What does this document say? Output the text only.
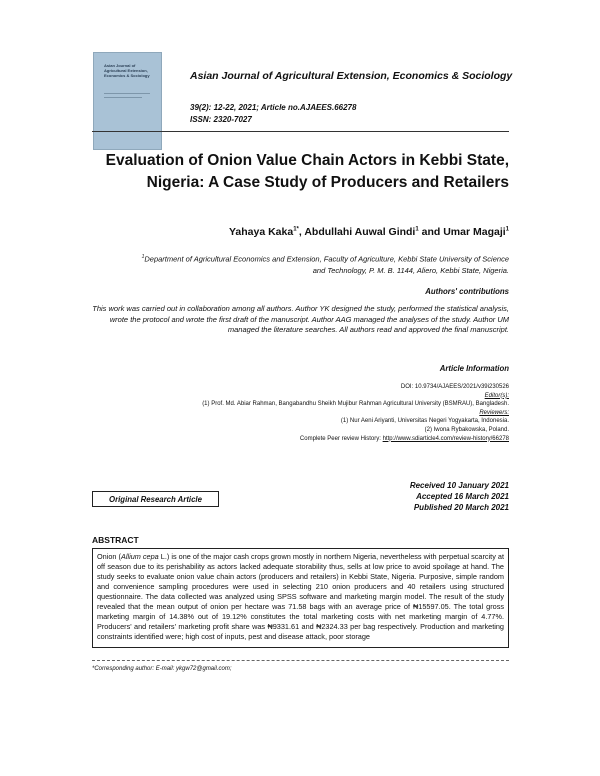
Asian Journal of Agricultural Extension, Economics & Sociology	Asian Journal of Agricultural Extension, Economics & Sociology
39(2): 12-22, 2021; Article no.AJAEES.66278
ISSN: 2320-7027
Evaluation of Onion Value Chain Actors in Kebbi State, Nigeria: A Case Study of Producers and Retailers
Yahaya Kaka$^{1*}$, Abdullahi Auwal Gindi$^1$ and Umar Magaji$^1$
$^1$Department of Agricultural Economics and Extension, Faculty of Agriculture, Kebbi State University of Science and Technology, P. M. B. 1144, Aliero, Kebbi State, Nigeria.
Authors' contributions
This work was carried out in collaboration among all authors. Author YK designed the study, performed the statistical analysis, wrote the protocol and wrote the first draft of the manuscript. Author AAG managed the analyses of the study. Author UM managed the literature searches. All authors read and approved the final manuscript.
Article Information
DOI: 10.9734/AJAEES/2021/v39i230526
Editor(s):
(1) Prof. Md. Abiar Rahman, Bangabandhu Sheikh Mujibur Rahman Agricultural University (BSMRAU), Bangladesh.
Reviewers:
(1) Nur Aeni Ariyanti, Universitas Negeri Yogyakarta, Indonesia.
(2) Iwona Rybakowska, Poland.
Complete Peer review History: http://www.sdiarticle4.com/review-history/66278
Original Research Article
Received 10 January 2021
Accepted 16 March 2021
Published 20 March 2021
ABSTRACT
Onion (Allium cepa L.) is one of the major cash crops grown mostly in northern Nigeria, nevertheless with perpetual scarcity at off season due to its perishability as actors lacked adequate storability thus, sells at low price to avoid spoilage at hand. The study seeks to evaluate onion value chain actors (producers and retailers) in Kebbi State, Nigeria. Purposive, simple random and convenience sampling procedures were used in selecting 210 onion producers and 40 retailers using structured questionnaire. The data collected was analyzed using SPSS software and marketing margin model. The result of the study revealed that the mean output of onion per hectare was 71.58 bags with an average price of ₦15597.05. The total gross marketing margin of 14.38% out of 19.12% constitutes the total marketing costs with net marketing margin of 4.77%. Producers' and retailers' marketing profit share was ₦9331.61 and ₦2324.33 per bag respectively. Production and marketing constraints identified were; high cost of inputs, pest and disease attack, poor storage
*Corresponding author: E-mail: ykgw72@gmail.com;
